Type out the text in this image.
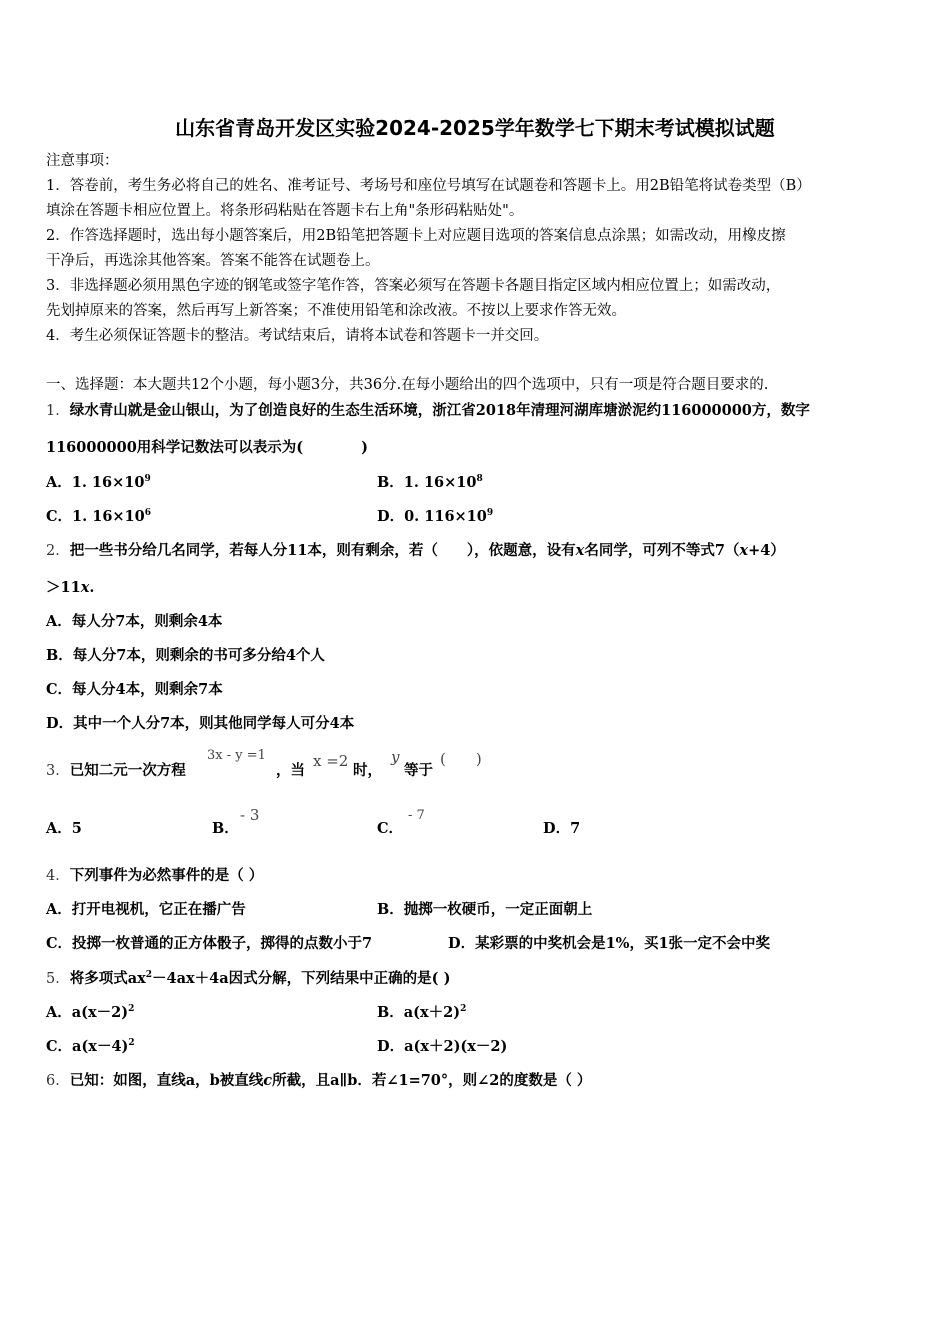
山东省青岛开发区实验2024-2025学年数学七下期末考试模拟试题
注意事项：
1．答卷前，考生务必将自己的姓名、准考证号、考场号和座位号填写在试题卷和答题卡上。用2B铅笔将试卷类型（B）
填涂在答题卡相应位置上。将条形码粘贴在答题卡右上角"条形码粘贴处"。
2．作答选择题时，选出每小题答案后，用2B铅笔把答题卡上对应题目选项的答案信息点涂黑；如需改动，用橡皮擦
干净后，再选涂其他答案。答案不能答在试题卷上。
3．非选择题必须用黑色字迹的钢笔或签字笔作答，答案必须写在答题卡各题目指定区域内相应位置上；如需改动，
先划掉原来的答案，然后再写上新答案；不准使用铅笔和涂改液。不按以上要求作答无效。
4．考生必须保证答题卡的整洁。考试结束后，请将本试卷和答题卡一并交回。
一、选择题：本大题共12个小题，每小题3分，共36分.在每小题给出的四个选项中，只有一项是符合题目要求的.
1．绿水青山就是金山银山，为了创造良好的生态生活环境，浙江省2018年清理河湖库塘淤泥约116000000方，数字
116000000用科学记数法可以表示为(　　　　)
A．1. $16\times 10^9$	B．1. $16\times 10^8$
C．1. $16\times 10^6$	D．0. $116\times 10^9$
2．把一些书分给几名同学，若每人分11本，则有剩余，若（　　），依题意，设有x名同学，可列不等式7（x+4）
＞11x.
A．每人分7本，则剩余4本
B．每人分7本，则剩余的书可多分给4个人
C．每人分4本，则剩余7本
D．其中一个人分7本，则其他同学每人可分4本
3．已知二元一次方程
3x - y =1
，当
x =2
时，
y
等于
(　　)
A．5	B．
- 3
C．
- 7
D．7
4．下列事件为必然事件的是（ ）
A．打开电视机，它正在播广告	B．抛掷一枚硬币，一定正面朝上
C．投掷一枚普通的正方体骰子，掷得的点数小于7	D．某彩票的中奖机会是1%，买1张一定不会中奖
5．将多项式$ax^2-4ax+4a$因式分解，下列结果中正确的是( )
A．$a(x-2)^2$	B．$a(x+2)^2$
C．$a(x-4)^2$	D．a(x＋2)(x－2)
6．已知：如图，直线a，b被直线c所截，且a∥b．若∠1=70°，则∠2的度数是（ ）
